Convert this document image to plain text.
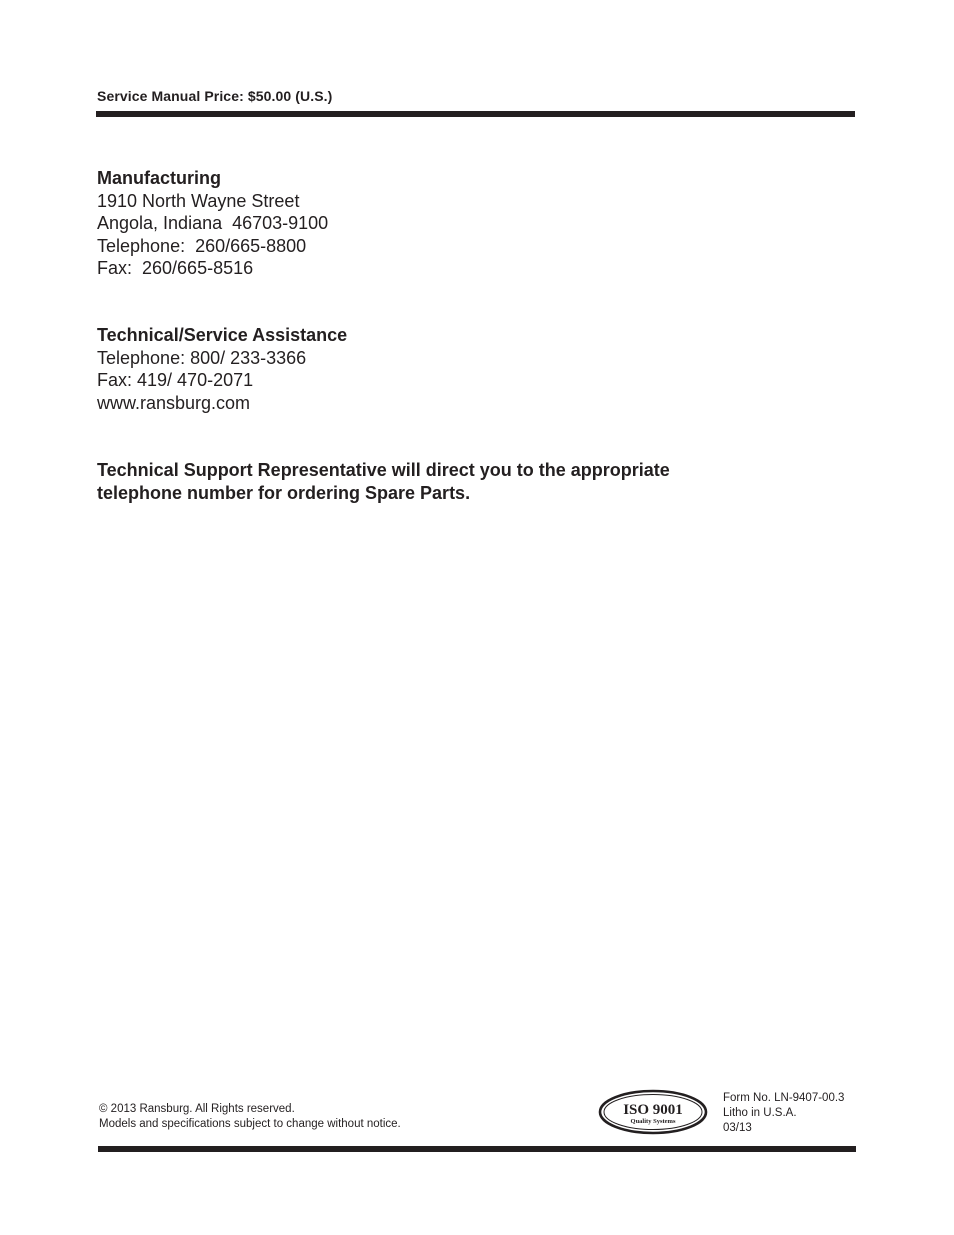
Service Manual Price: $50.00 (U.S.)
Manufacturing
1910 North Wayne Street
Angola, Indiana  46703-9100
Telephone:  260/665-8800
Fax:  260/665-8516
Technical/Service Assistance
Telephone: 800/ 233-3366
Fax: 419/ 470-2071
www.ransburg.com
Technical Support Representative will direct you to the appropriate telephone number for ordering Spare Parts.
© 2013 Ransburg. All Rights reserved.
Models and specifications subject to change without notice.
ISO 9001
Quality Systems
Form No. LN-9407-00.3
Litho in U.S.A.
03/13
